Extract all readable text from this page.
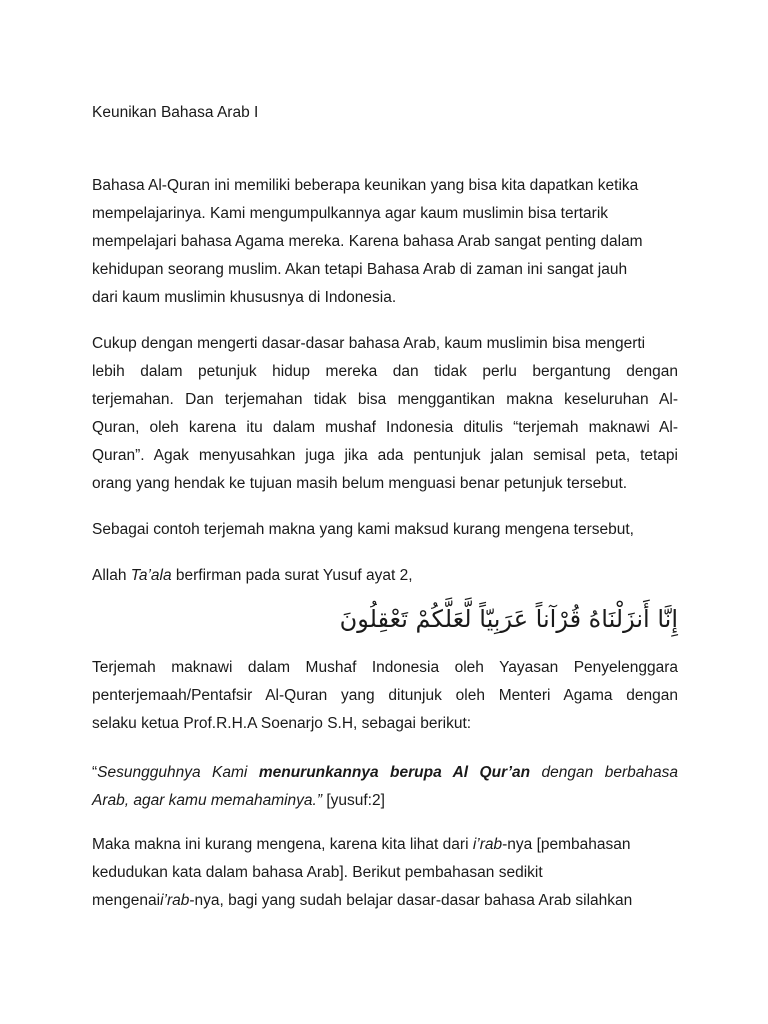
Keunikan Bahasa Arab I

Bahasa Al-Quran ini memiliki beberapa keunikan yang bisa kita dapatkan ketika
mempelajarinya. Kami mengumpulkannya agar kaum muslimin bisa tertarik
mempelajari bahasa Agama mereka. Karena bahasa Arab sangat penting dalam
kehidupan seorang muslim. Akan tetapi Bahasa Arab di zaman ini sangat jauh
dari kaum muslimin khususnya di Indonesia.

Cukup dengan mengerti dasar-dasar bahasa Arab, kaum muslimin bisa mengerti
lebih dalam petunjuk hidup mereka dan tidak perlu bergantung dengan
terjemahan. Dan terjemahan tidak bisa menggantikan makna keseluruhan Al-
Quran, oleh karena itu dalam mushaf Indonesia ditulis “terjemah maknawi Al-
Quran”. Agak menyusahkan juga jika ada pentunjuk jalan semisal peta, tetapi
orang yang hendak ke tujuan masih belum menguasi benar petunjuk tersebut.

Sebagai contoh terjemah makna yang kami maksud kurang mengena tersebut,

Allah Ta’ala berfirman pada surat Yusuf ayat 2,

إِنَّا أَنزَلْنَاهُ قُرْآناً عَرَبِيّاً لَّعَلَّكُمْ تَعْقِلُونَ

Terjemah maknawi dalam Mushaf Indonesia oleh Yayasan Penyelenggara
penterjemaah/Pentafsir Al-Quran yang ditunjuk oleh Menteri Agama dengan
selaku ketua Prof.R.H.A Soenarjo S.H, sebagai berikut:

“Sesungguhnya Kami menurunkannya berupa Al Qur’an dengan berbahasa
Arab, agar kamu memahaminya.” [yusuf:2]

Maka makna ini kurang mengena, karena kita lihat dari i’rab-nya [pembahasan
kedudukan kata dalam bahasa Arab]. Berikut pembahasan sedikit
mengenaii’rab-nya, bagi yang sudah belajar dasar-dasar bahasa Arab silahkan
